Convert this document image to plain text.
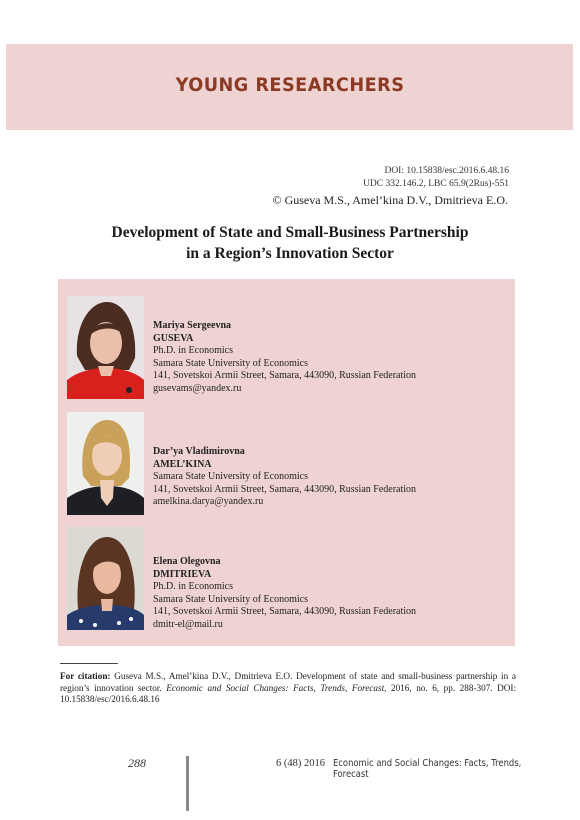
YOUNG RESEARCHERS
DOI: 10.15838/esc.2016.6.48.16
UDC 332.146.2, LBC 65.9(2Rus)-551
© Guseva M.S., Amel’kina D.V., Dmitrieva E.O.
Development of State and Small-Business Partnership
in a Region’s Innovation Sector
Mariya Sergeevna
GUSEVA
Ph.D. in Economics
Samara State University of Economics
141, Sovetskoi Armii Street, Samara, 443090, Russian Federation
gusevams@yandex.ru
Dar’ya Vladimirovna
AMEL’KINA
Samara State University of Economics
141, Sovetskoi Armii Street, Samara, 443090, Russian Federation
amelkina.darya@yandex.ru
Elena Olegovna
DMITRIEVA
Ph.D. in Economics
Samara State University of Economics
141, Sovetskoi Armii Street, Samara, 443090, Russian Federation
dmitr-el@mail.ru
For citation: Guseva M.S., Amel’kina D.V., Dmitrieva E.O. Development of state and small-business partnership in a region’s innovation sector. Economic and Social Changes: Facts, Trends, Forecast, 2016, no. 6, pp. 288-307. DOI: 10.15838/esc/2016.6.48.16
288	6 (48) 2016 Economic and Social Changes: Facts, Trends, Forecast
